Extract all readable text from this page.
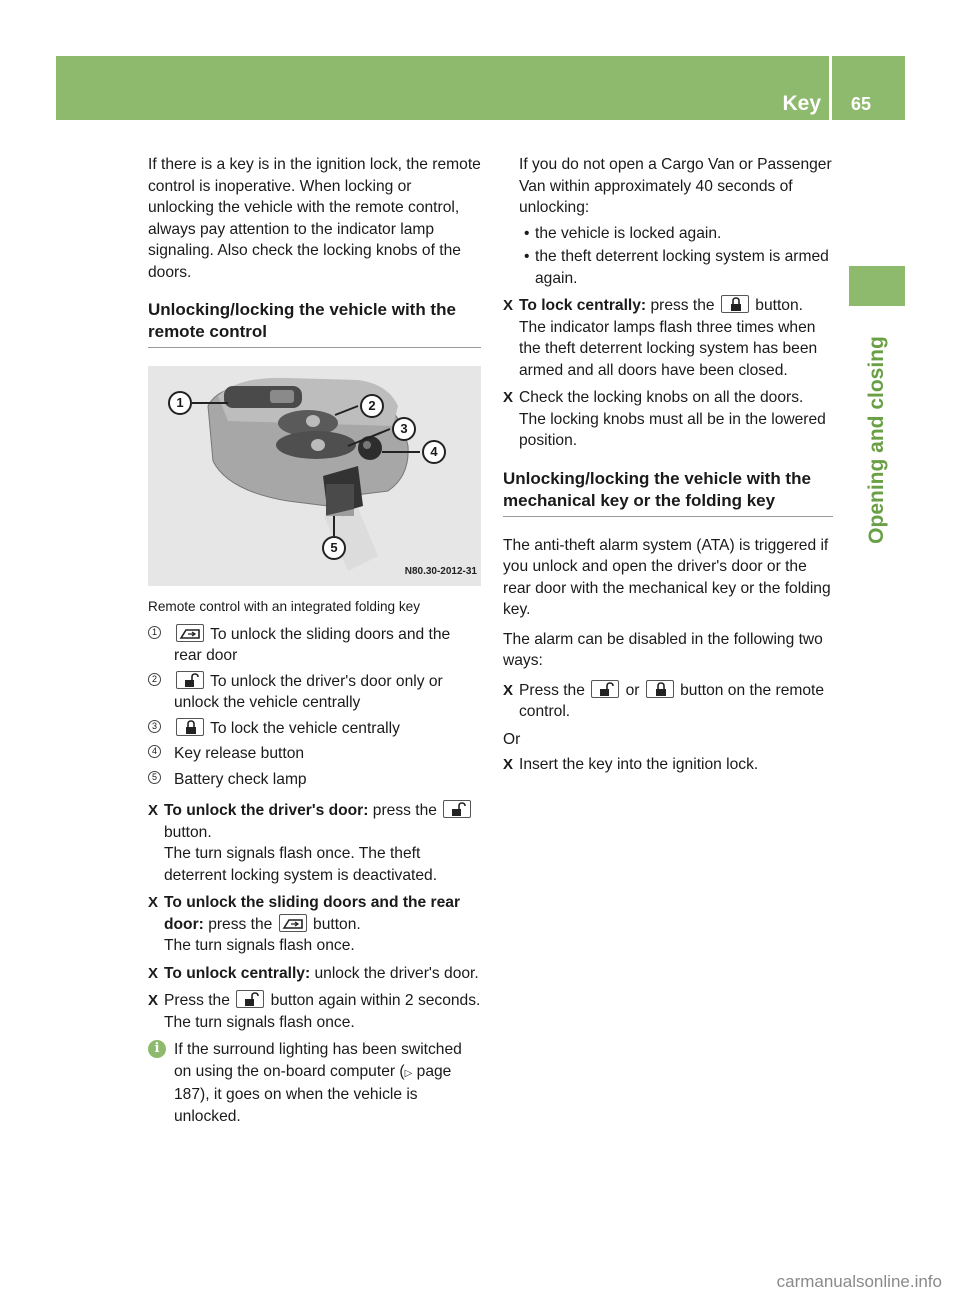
Key 65
Opening and closing

If there is a key is in the ignition lock, the remote control is inoperative. When locking or unlocking the vehicle with the remote control, always pay attention to the indicator lamp signaling. Also check the locking knobs of the doors.

Unlocking/locking the vehicle with the remote control
1	2
3
4
5
N80.30-2012-31

Remote control with an integrated folding key

1	To unlock the sliding doors and the rear door
2	To unlock the driver's door only or unlock the vehicle centrally
3	To lock the vehicle centrally
4 Key release button
5 Battery check lamp
X To unlock the driver's door: press the
button.
The turn signals flash once. The theft deterrent locking system is deactivated.
X To unlock the sliding doors and the rear door: press the	button.
The turn signals flash once.
X To unlock centrally: unlock the driver's door.
X Press the	button again within 2 seconds.
The turn signals flash once.
i If the surround lighting has been switched on using the on-board computer (▷ page 187), it goes on when the vehicle is unlocked.

If you do not open a Cargo Van or Passenger Van within approximately 40 seconds of unlocking:

• the vehicle is locked again.
• the theft deterrent locking system is armed again.
X To lock centrally: press the	button.
The indicator lamps flash three times when the theft deterrent locking system has been armed and all doors have been closed.
X Check the locking knobs on all the doors.
The locking knobs must all be in the lowered position.
Unlocking/locking the vehicle with the mechanical key or the folding key

The anti-theft alarm system (ATA) is triggered if you unlock and open the driver's door or the rear door with the mechanical key or the folding key.

The alarm can be disabled in the following two ways:

X Press the	or	button on the remote control.

Or

X Insert the key into the ignition lock.
carmanualsonline.info
